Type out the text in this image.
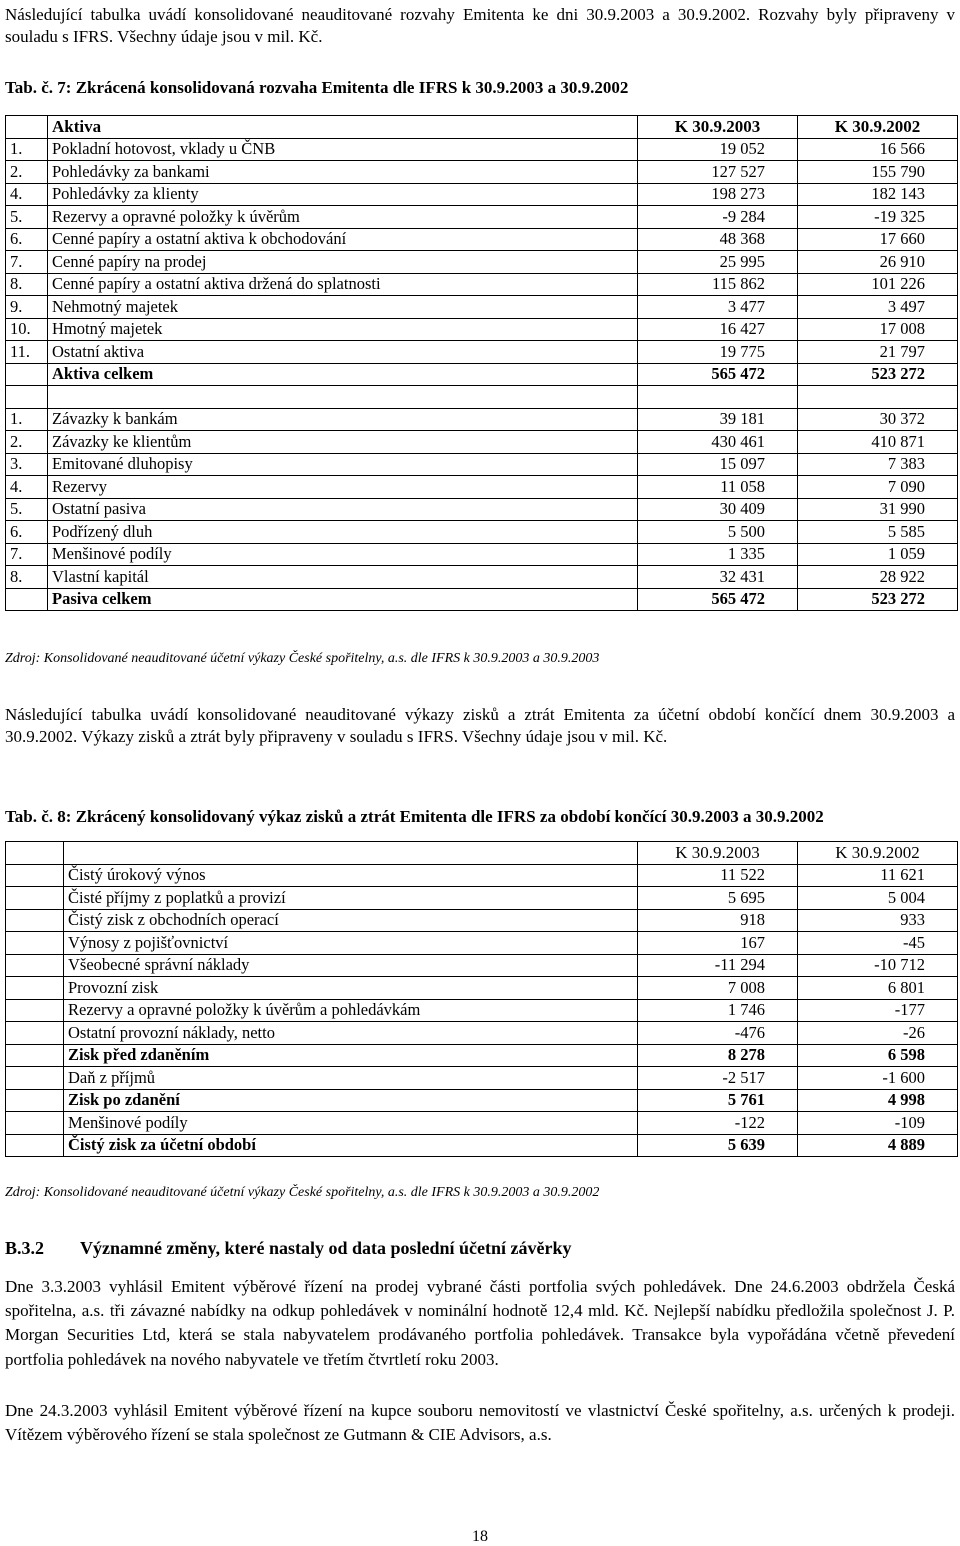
Následující tabulka uvádí konsolidované neauditované rozvahy Emitenta ke dni 30.9.2003 a 30.9.2002. Rozvahy byly připraveny v souladu s IFRS. Všechny údaje jsou v mil. Kč.
Tab. č. 7: Zkrácená konsolidovaná rozvaha Emitenta dle IFRS k 30.9.2003 a 30.9.2002
	Aktiva	K 30.9.2003	K 30.9.2002
1.	Pokladní hotovost, vklady u ČNB	19 052	16 566
2.	Pohledávky za bankami	127 527	155 790
4.	Pohledávky za klienty	198 273	182 143
5.	Rezervy a opravné položky k úvěrům	-9 284	-19 325
6.	Cenné papíry a ostatní aktiva k obchodování	48 368	17 660
7.	Cenné papíry na prodej	25 995	26 910
8.	Cenné papíry a ostatní aktiva držená do splatnosti	115 862	101 226
9.	Nehmotný majetek	3 477	3 497
10.	Hmotný majetek	16 427	17 008
11.	Ostatní aktiva	19 775	21 797
	Aktiva celkem	565 472	523 272

1.	Závazky k bankám	39 181	30 372
2.	Závazky ke klientům	430 461	410 871
3.	Emitované dluhopisy	15 097	7 383
4.	Rezervy	11 058	7 090
5.	Ostatní pasiva	30 409	31 990
6.	Podřízený dluh	5 500	5 585
7.	Menšinové podíly	1 335	1 059
8.	Vlastní kapitál	32 431	28 922
	Pasiva celkem	565 472	523 272
Zdroj: Konsolidované neauditované účetní výkazy České spořitelny, a.s. dle IFRS k 30.9.2003 a 30.9.2003
Následující tabulka uvádí konsolidované neauditované výkazy zisků a ztrát Emitenta za účetní období končící dnem 30.9.2003 a 30.9.2002. Výkazy zisků a ztrát byly připraveny v souladu s IFRS. Všechny údaje jsou v mil. Kč.
Tab. č. 8: Zkrácený konsolidovaný výkaz zisků a ztrát Emitenta dle IFRS za období končící 30.9.2003 a 30.9.2002
		K 30.9.2003	K 30.9.2002
	Čistý úrokový výnos	11 522	11 621
	Čisté příjmy z poplatků a provizí	5 695	5 004
	Čistý zisk z obchodních operací	918	933
	Výnosy z pojišťovnictví	167	-45
	Všeobecné správní náklady	-11 294	-10 712
	Provozní zisk	7 008	6 801
	Rezervy a opravné položky k úvěrům a pohledávkám	1 746	-177
	Ostatní provozní náklady, netto	-476	-26
	Zisk před zdaněním	8 278	6 598
	Daň z příjmů	-2 517	-1 600
	Zisk po zdanění	5 761	4 998
	Menšinové podíly	-122	-109
	Čistý zisk za účetní období	5 639	4 889
Zdroj: Konsolidované neauditované účetní výkazy České spořitelny, a.s. dle IFRS k 30.9.2003 a 30.9.2002
B.3.2 Významné změny, které nastaly od data poslední účetní závěrky
Dne 3.3.2003 vyhlásil Emitent výběrové řízení na prodej vybrané části portfolia svých pohledávek. Dne 24.6.2003 obdržela Česká spořitelna, a.s. tři závazné nabídky na odkup pohledávek v nominální hodnotě 12,4 mld. Kč. Nejlepší nabídku předložila společnost J. P. Morgan Securities Ltd, která se stala nabyvatelem prodávaného portfolia pohledávek. Transakce byla vypořádána včetně převedení portfolia pohledávek na nového nabyvatele ve třetím čtvrtletí roku 2003.
Dne 24.3.2003 vyhlásil Emitent výběrové řízení na kupce souboru nemovitostí ve vlastnictví České spořitelny, a.s. určených k prodeji. Vítězem výběrového řízení se stala společnost ze Gutmann & CIE Advisors, a.s.
18
